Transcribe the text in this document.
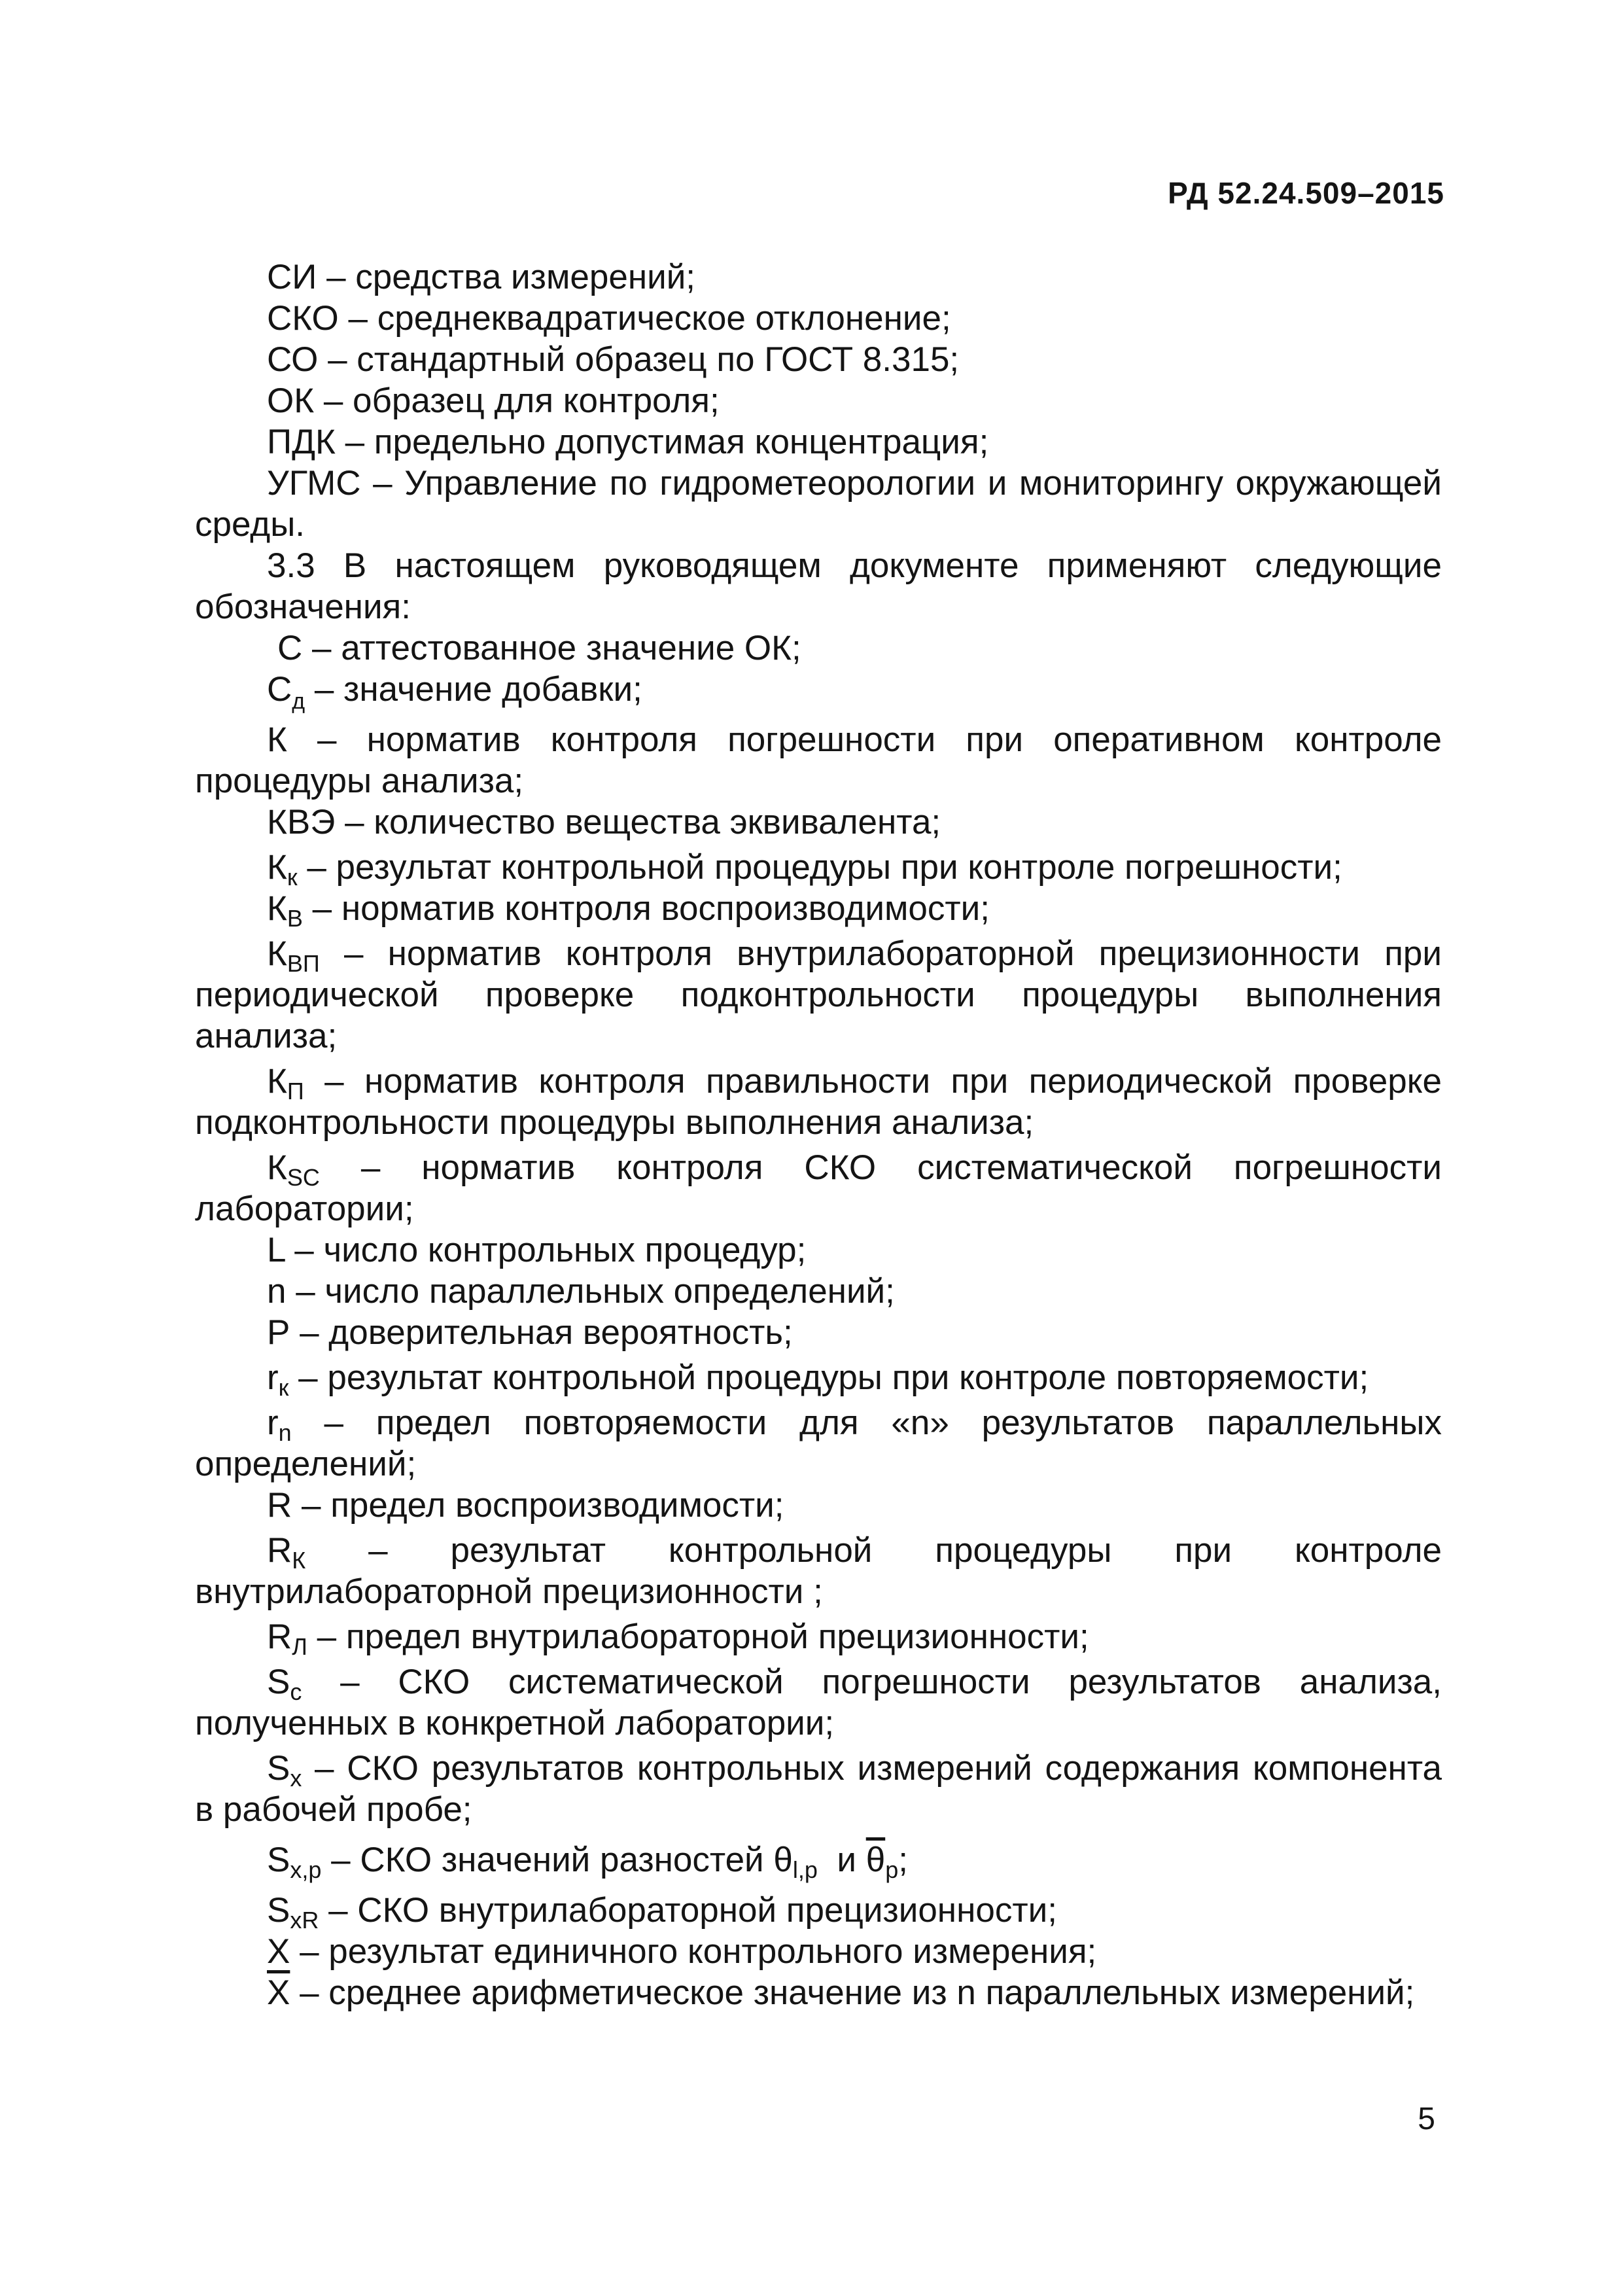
РД 52.24.509–2015

СИ – средства измерений;

СКО – среднеквадратическое отклонение;

СО – стандартный образец по ГОСТ 8.315;

ОК – образец для контроля;

ПДК – предельно допустимая концентрация;

УГМС – Управление по гидрометеорологии и мониторингу окружающей среды.

3.3 В настоящем руководящем документе применяют следующие обозначения:

С – аттестованное значение ОК;

$С_д$ – значение добавки;

К – норматив контроля погрешности при оперативном контроле процедуры анализа;

КВЭ – количество вещества эквивалента;

$К_к$ – результат контрольной процедуры при контроле погрешности;

$К_В$ – норматив контроля воспроизводимости;

$К_{ВП}$ – норматив контроля внутрилабораторной прецизионности при периодической проверке подконтрольности процедуры выполнения анализа;

$К_П$ – норматив контроля правильности при периодической проверке подконтрольности процедуры выполнения анализа;

$К_{SC}$ – норматив контроля СКО систематической погрешности лаборатории;

L – число контрольных процедур;

n – число параллельных определений;

Р – доверительная вероятность;

$r_к$ – результат контрольной процедуры при контроле повторяемости;

$r_n$ – предел повторяемости для «n» результатов параллельных определений;

R – предел воспроизводимости;

$R_К$ – результат контрольной процедуры при контроле внутрилабораторной прецизионности ;

$R_Л$ – предел внутрилабораторной прецизионности;

$S_c$ – СКО систематической погрешности результатов анализа, полученных в конкретной лаборатории;

$S_x$ – СКО результатов контрольных измерений содержания компонента в рабочей пробе;

$S_{x,p}$ – СКО значений разностей $\theta_{l,p}$ и $\overline{\theta}_p$;

$S_{xR}$ – СКО внутрилабораторной прецизионности;

Х – результат единичного контрольного измерения;

$\overline{X}$ – среднее арифметическое значение из n параллельных измерений;

5
